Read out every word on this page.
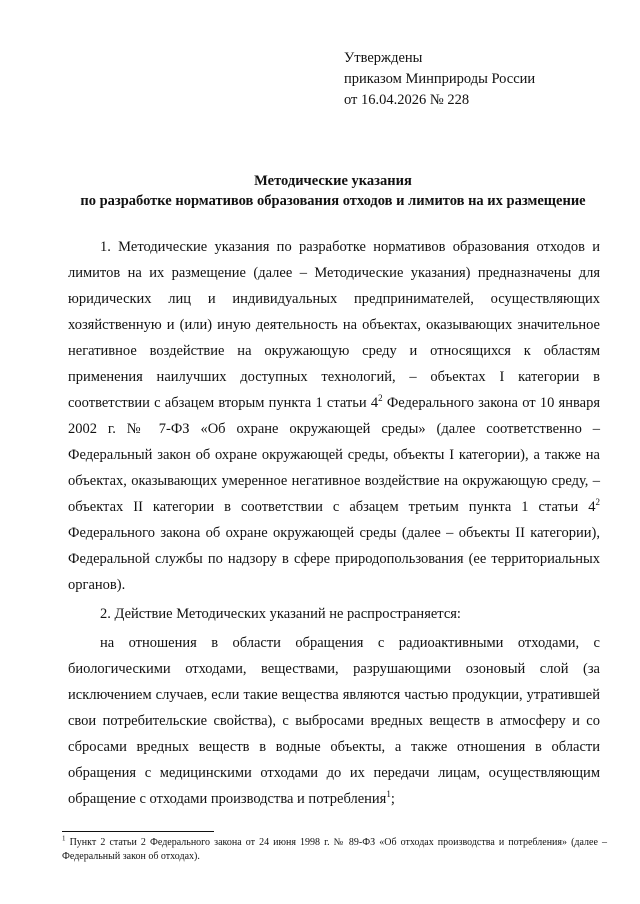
Утверждены
приказом Минприроды России
от 16.04.2026 № 228
Методические указания
по разработке нормативов образования отходов и лимитов на их размещение

1. Методические указания по разработке нормативов образования отходов и лимитов на их размещение (далее – Методические указания) предназначены для юридических лиц и индивидуальных предпринимателей, осуществляющих хозяйственную и (или) иную деятельность на объектах, оказывающих значительное негативное воздействие на окружающую среду и относящихся к областям применения наилучших доступных технологий, – объектах I категории в соответствии с абзацем вторым пункта 1 статьи $4^2$ Федерального закона от 10 января 2002 г. № 7-ФЗ «Об охране окружающей среды» (далее соответственно – Федеральный закон об охране окружающей среды, объекты I категории), а также на объектах, оказывающих умеренное негативное воздействие на окружающую среду, – объектах II категории в соответствии с абзацем третьим пункта 1 статьи $4^2$ Федерального закона об охране окружающей среды (далее – объекты II категории), Федеральной службы по надзору в сфере природопользования (ее территориальных органов).

2. Действие Методических указаний не распространяется:

на отношения в области обращения с радиоактивными отходами, с биологическими отходами, веществами, разрушающими озоновый слой (за исключением случаев, если такие вещества являются частью продукции, утратившей свои потребительские свойства), с выбросами вредных веществ в атмосферу и со сбросами вредных веществ в водные объекты, а также отношения в области обращения с медицинскими отходами до их передачи лицам, осуществляющим обращение с отходами производства и потребления$^1$;

$^1$ Пункт 2 статьи 2 Федерального закона от 24 июня 1998 г. № 89-ФЗ «Об отходах производства и потребления» (далее – Федеральный закон об отходах).
